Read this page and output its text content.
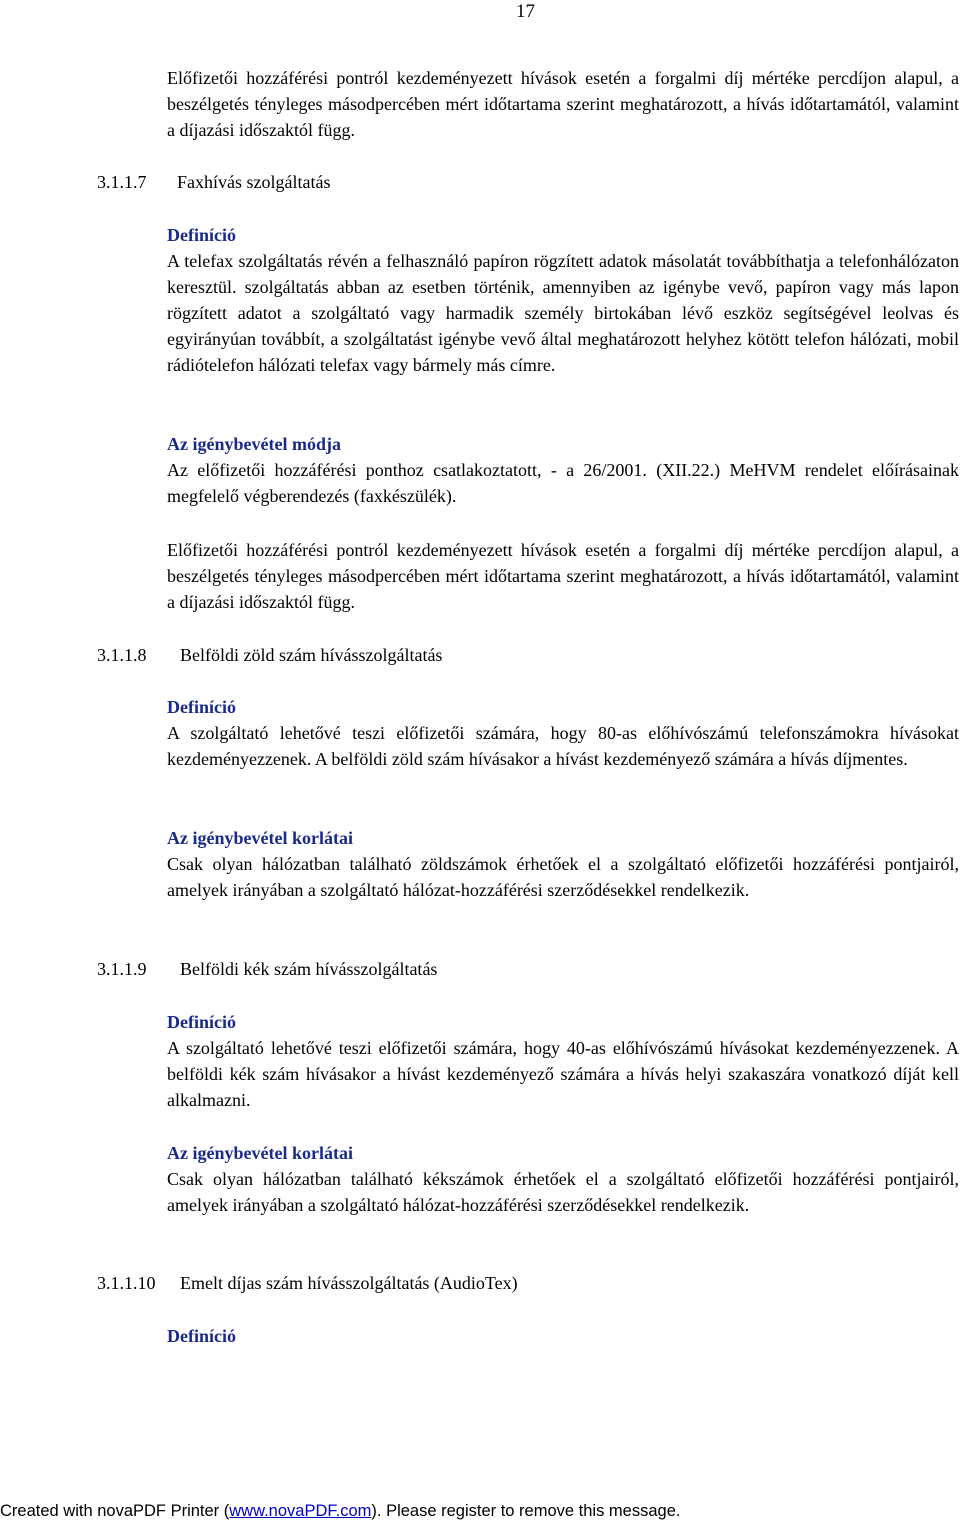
17
Előfizetői hozzáférési pontról kezdeményezett hívások esetén a forgalmi díj mértéke percdíjon alapul, a beszélgetés tényleges másodpercében mért időtartama szerint meghatározott, a hívás időtartamától, valamint a díjazási időszaktól függ.
3.1.1.7 Faxhívás szolgáltatás
Definíció
A telefax szolgáltatás révén a felhasználó papíron rögzített adatok másolatát továbbíthatja a telefonhálózaton keresztül. szolgáltatás abban az esetben történik, amennyiben az igénybe vevő, papíron vagy más lapon rögzített adatot a szolgáltató vagy harmadik személy birtokában lévő eszköz segítségével leolvas és egyirányúan továbbít, a szolgáltatást igénybe vevő által meghatározott helyhez kötött telefon hálózati, mobil rádiótelefon hálózati telefax vagy bármely más címre.
Az igénybevétel módja
Az előfizetői hozzáférési ponthoz csatlakoztatott, - a 26/2001. (XII.22.) MeHVM rendelet előírásainak megfelelő végberendezés (faxkészülék).
Előfizetői hozzáférési pontról kezdeményezett hívások esetén a forgalmi díj mértéke percdíjon alapul, a beszélgetés tényleges másodpercében mért időtartama szerint meghatározott, a hívás időtartamától, valamint a díjazási időszaktól függ.
3.1.1.8 Belföldi zöld szám hívásszolgáltatás
Definíció
A szolgáltató lehetővé teszi előfizetői számára, hogy 80-as előhívószámú telefonszámokra hívásokat kezdeményezzenek. A belföldi zöld szám hívásakor a hívást kezdeményező számára a hívás díjmentes.
Az igénybevétel korlátai
Csak olyan hálózatban található zöldszámok érhetőek el a szolgáltató előfizetői hozzáférési pontjairól, amelyek irányában a szolgáltató hálózat-hozzáférési szerződésekkel rendelkezik.
3.1.1.9 Belföldi kék szám hívásszolgáltatás
Definíció
A szolgáltató lehetővé teszi előfizetői számára, hogy 40-as előhívószámú hívásokat kezdeményezzenek. A belföldi kék szám hívásakor a hívást kezdeményező számára a hívás helyi szakaszára vonatkozó díját kell alkalmazni.
Az igénybevétel korlátai
Csak olyan hálózatban található kékszámok érhetőek el a szolgáltató előfizetői hozzáférési pontjairól, amelyek irányában a szolgáltató hálózat-hozzáférési szerződésekkel rendelkezik.
3.1.1.10 Emelt díjas szám hívásszolgáltatás (AudioTex)
Definíció
Created with novaPDF Printer (www.novaPDF.com). Please register to remove this message.
